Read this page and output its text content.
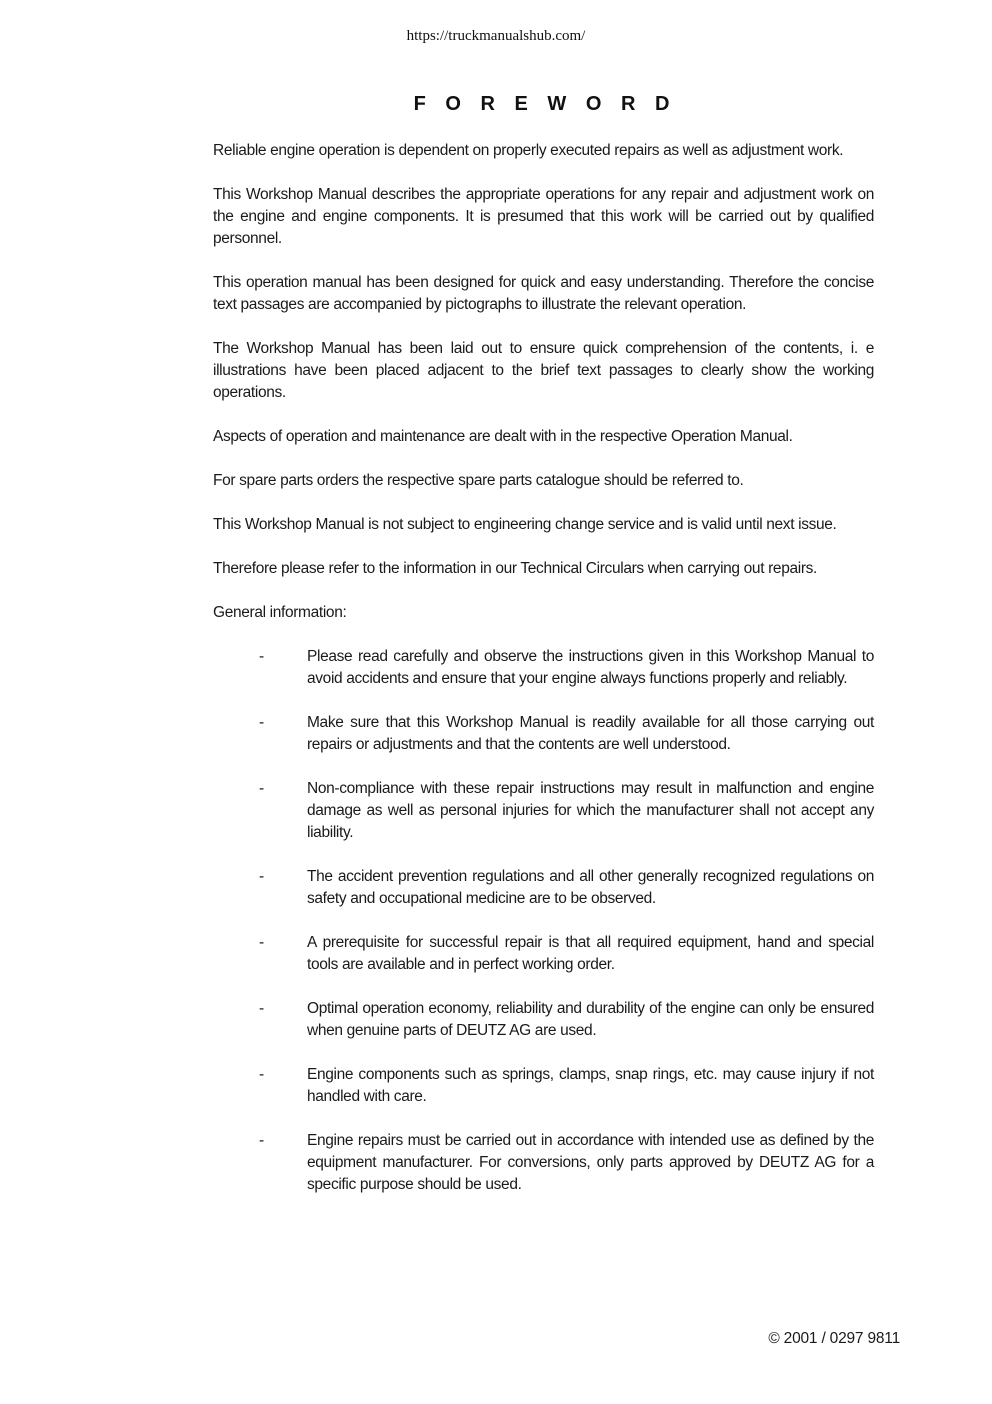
https://truckmanualshub.com/
F O R E W O R D

Reliable engine operation is dependent on properly executed repairs as well as adjustment work.

This Workshop Manual describes the appropriate operations for any repair and adjustment work on the engine and engine components. It is presumed that this work will be carried out by qualified personnel.

This operation manual has been designed for quick and easy understanding. Therefore the concise text passages are accompanied by pictographs to illustrate the relevant operation.

The Workshop Manual has been laid out to ensure quick comprehension of the contents, i. e illustrations have been placed adjacent to the brief text passages to clearly show the working operations.

Aspects of operation and maintenance are dealt with in the respective Operation Manual.

For spare parts orders the respective spare parts catalogue should be referred to.

This Workshop Manual is not subject to engineering change service and is valid until next issue.

Therefore please refer to the information in our Technical Circulars when carrying out repairs.

General information:

-	Please read carefully and observe the instructions given in this Workshop Manual to avoid accidents and ensure that your engine always functions properly and reliably.
-	Make sure that this Workshop Manual is readily available for all those carrying out repairs or adjustments and that the contents are well understood.
-	Non-compliance with these repair instructions may result in malfunction and engine damage as well as personal injuries for which the manufacturer shall not accept any liability.
-	The accident prevention regulations and all other generally recognized regulations on safety and occupational medicine are to be observed.
-	A prerequisite for successful repair is that all required equipment, hand and special tools are available and in perfect working order.
-	Optimal operation economy, reliability and durability of the engine can only be ensured when genuine parts of DEUTZ AG are used.
-	Engine components such as springs, clamps, snap rings, etc. may cause injury if not handled with care.
-	Engine repairs must be carried out in accordance with intended use as defined by the equipment manufacturer. For conversions, only parts approved by DEUTZ AG for a specific purpose should be used.
© 2001 / 0297 9811
